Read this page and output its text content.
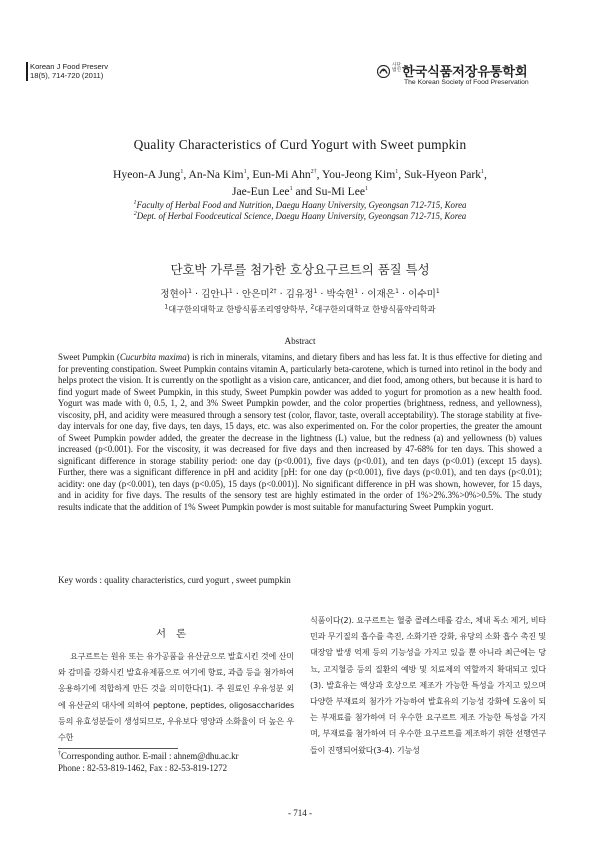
Korean J Food Preserv
18(5), 714-720 (2011)
사단법인 한국식품저장유통학회
The Korean Society of Food Preservation
Quality Characteristics of Curd Yogurt with Sweet pumpkin
Hyeon-A Jung$^1$, An-Na Kim$^1$, Eun-Mi Ahn$^{2\dagger}$, You-Jeong Kim$^1$, Suk-Hyeon Park$^1$,
Jae-Eun Lee$^1$ and Su-Mi Lee$^1$
$^1$Faculty of Herbal Food and Nutrition, Daegu Haany University, Gyeongsan 712-715, Korea
$^2$Dept. of Herbal Foodceutical Science, Daegu Haany University, Gyeongsan 712-715, Korea
단호박 가루를 첨가한 호상요구르트의 품질 특성
정현아$^1$ · 김안나$^1$ · 안은미$^{2\dagger}$ · 김유정$^1$ · 박숙현$^1$ · 이재은$^1$ · 이수미$^1$
$^1$대구한의대학교 한방식품조리영양학부, $^2$대구한의대학교 한방식품약리학과
Abstract
Sweet Pumpkin (Cucurbita maxima) is rich in minerals, vitamins, and dietary fibers and has less fat. It is thus effective for dieting and for preventing constipation. Sweet Pumpkin contains vitamin A, particularly beta-carotene, which is turned into retinol in the body and helps protect the vision. It is currently on the spotlight as a vision care, anticancer, and diet food, among others, but because it is hard to find yogurt made of Sweet Pumpkin, in this study, Sweet Pumpkin powder was added to yogurt for promotion as a new health food. Yogurt was made with 0, 0.5, 1, 2, and 3% Sweet Pumpkin powder, and the color properties (brightness, redness, and yellowness), viscosity, pH, and acidity were measured through a sensory test (color, flavor, taste, overall acceptability). The storage stability at five-day intervals for one day, five days, ten days, 15 days, etc. was also experimented on. For the color properties, the greater the amount of Sweet Pumpkin powder added, the greater the decrease in the lightness (L) value, but the redness (a) and yellowness (b) values increased (p<0.001). For the viscosity, it was decreased for five days and then increased by 47-68% for ten days. This showed a significant difference in storage stability period: one day (p<0.001), five days (p<0.01), and ten days (p<0.01) (except 15 days). Further, there was a significant difference in pH and acidity [pH: for one day (p<0.001), five days (p<0.01), and ten days (p<0.01); acidity: one day (p<0.001), ten days (p<0.05), 15 days (p<0.001)]. No significant difference in pH was shown, however, for 15 days, and in acidity for five days. The results of the sensory test are highly estimated in the order of 1%>2%.3%>0%>0.5%. The study results indicate that the addition of 1% Sweet Pumpkin powder is most suitable for manufacturing Sweet Pumpkin yogurt.
Key words : quality characteristics, curd yogurt , sweet pumpkin
서론
요구르트는 원유 또는 유가공품을 유산균으로 발효시킨 것에 산미와 감미를 강화시킨 발효유제품으로 여기에 향료, 과즙 등을 첨가하여 응용하기에 적합하게 만든 것을 의미한다(1). 주 원료인 우유성분 외에 유산균의 대사에 의하여 peptone, peptides, oligosaccharides 등의 유효성분들이 생성되므로, 우유보다 영양과 소화율이 더 높은 우수한
식품이다(2). 요구르트는 혈중 콜레스테롤 감소, 체내 독소 제거, 비타민과 무기질의 흡수를 촉진, 소화기관 강화, 유당의 소화 흡수 촉진 및 대장암 발생 억제 등의 기능성을 가지고 있을 뿐 아니라 최근에는 당뇨, 고지혈증 등의 질환의 예방 및 치료제의 역할까지 확대되고 있다(3). 발효유는 액상과 호상으로 제조가 가능한 특성을 가지고 있으며 다양한 부재료의 첨가가 가능하여 발효유의 기능성 강화에 도움이 되는 부재료를 첨가하여 더 우수한 요구르트 제조 가능한 특성을 가지며, 부재료를 첨가하여 더 우수한 요구르트를 제조하기 위한 선행연구들이 진행되어왔다(3-4). 기능성
†Corresponding author. E-mail : ahnem@dhu.ac.kr
Phone : 82-53-819-1462, Fax : 82-53-819-1272
- 714 -
